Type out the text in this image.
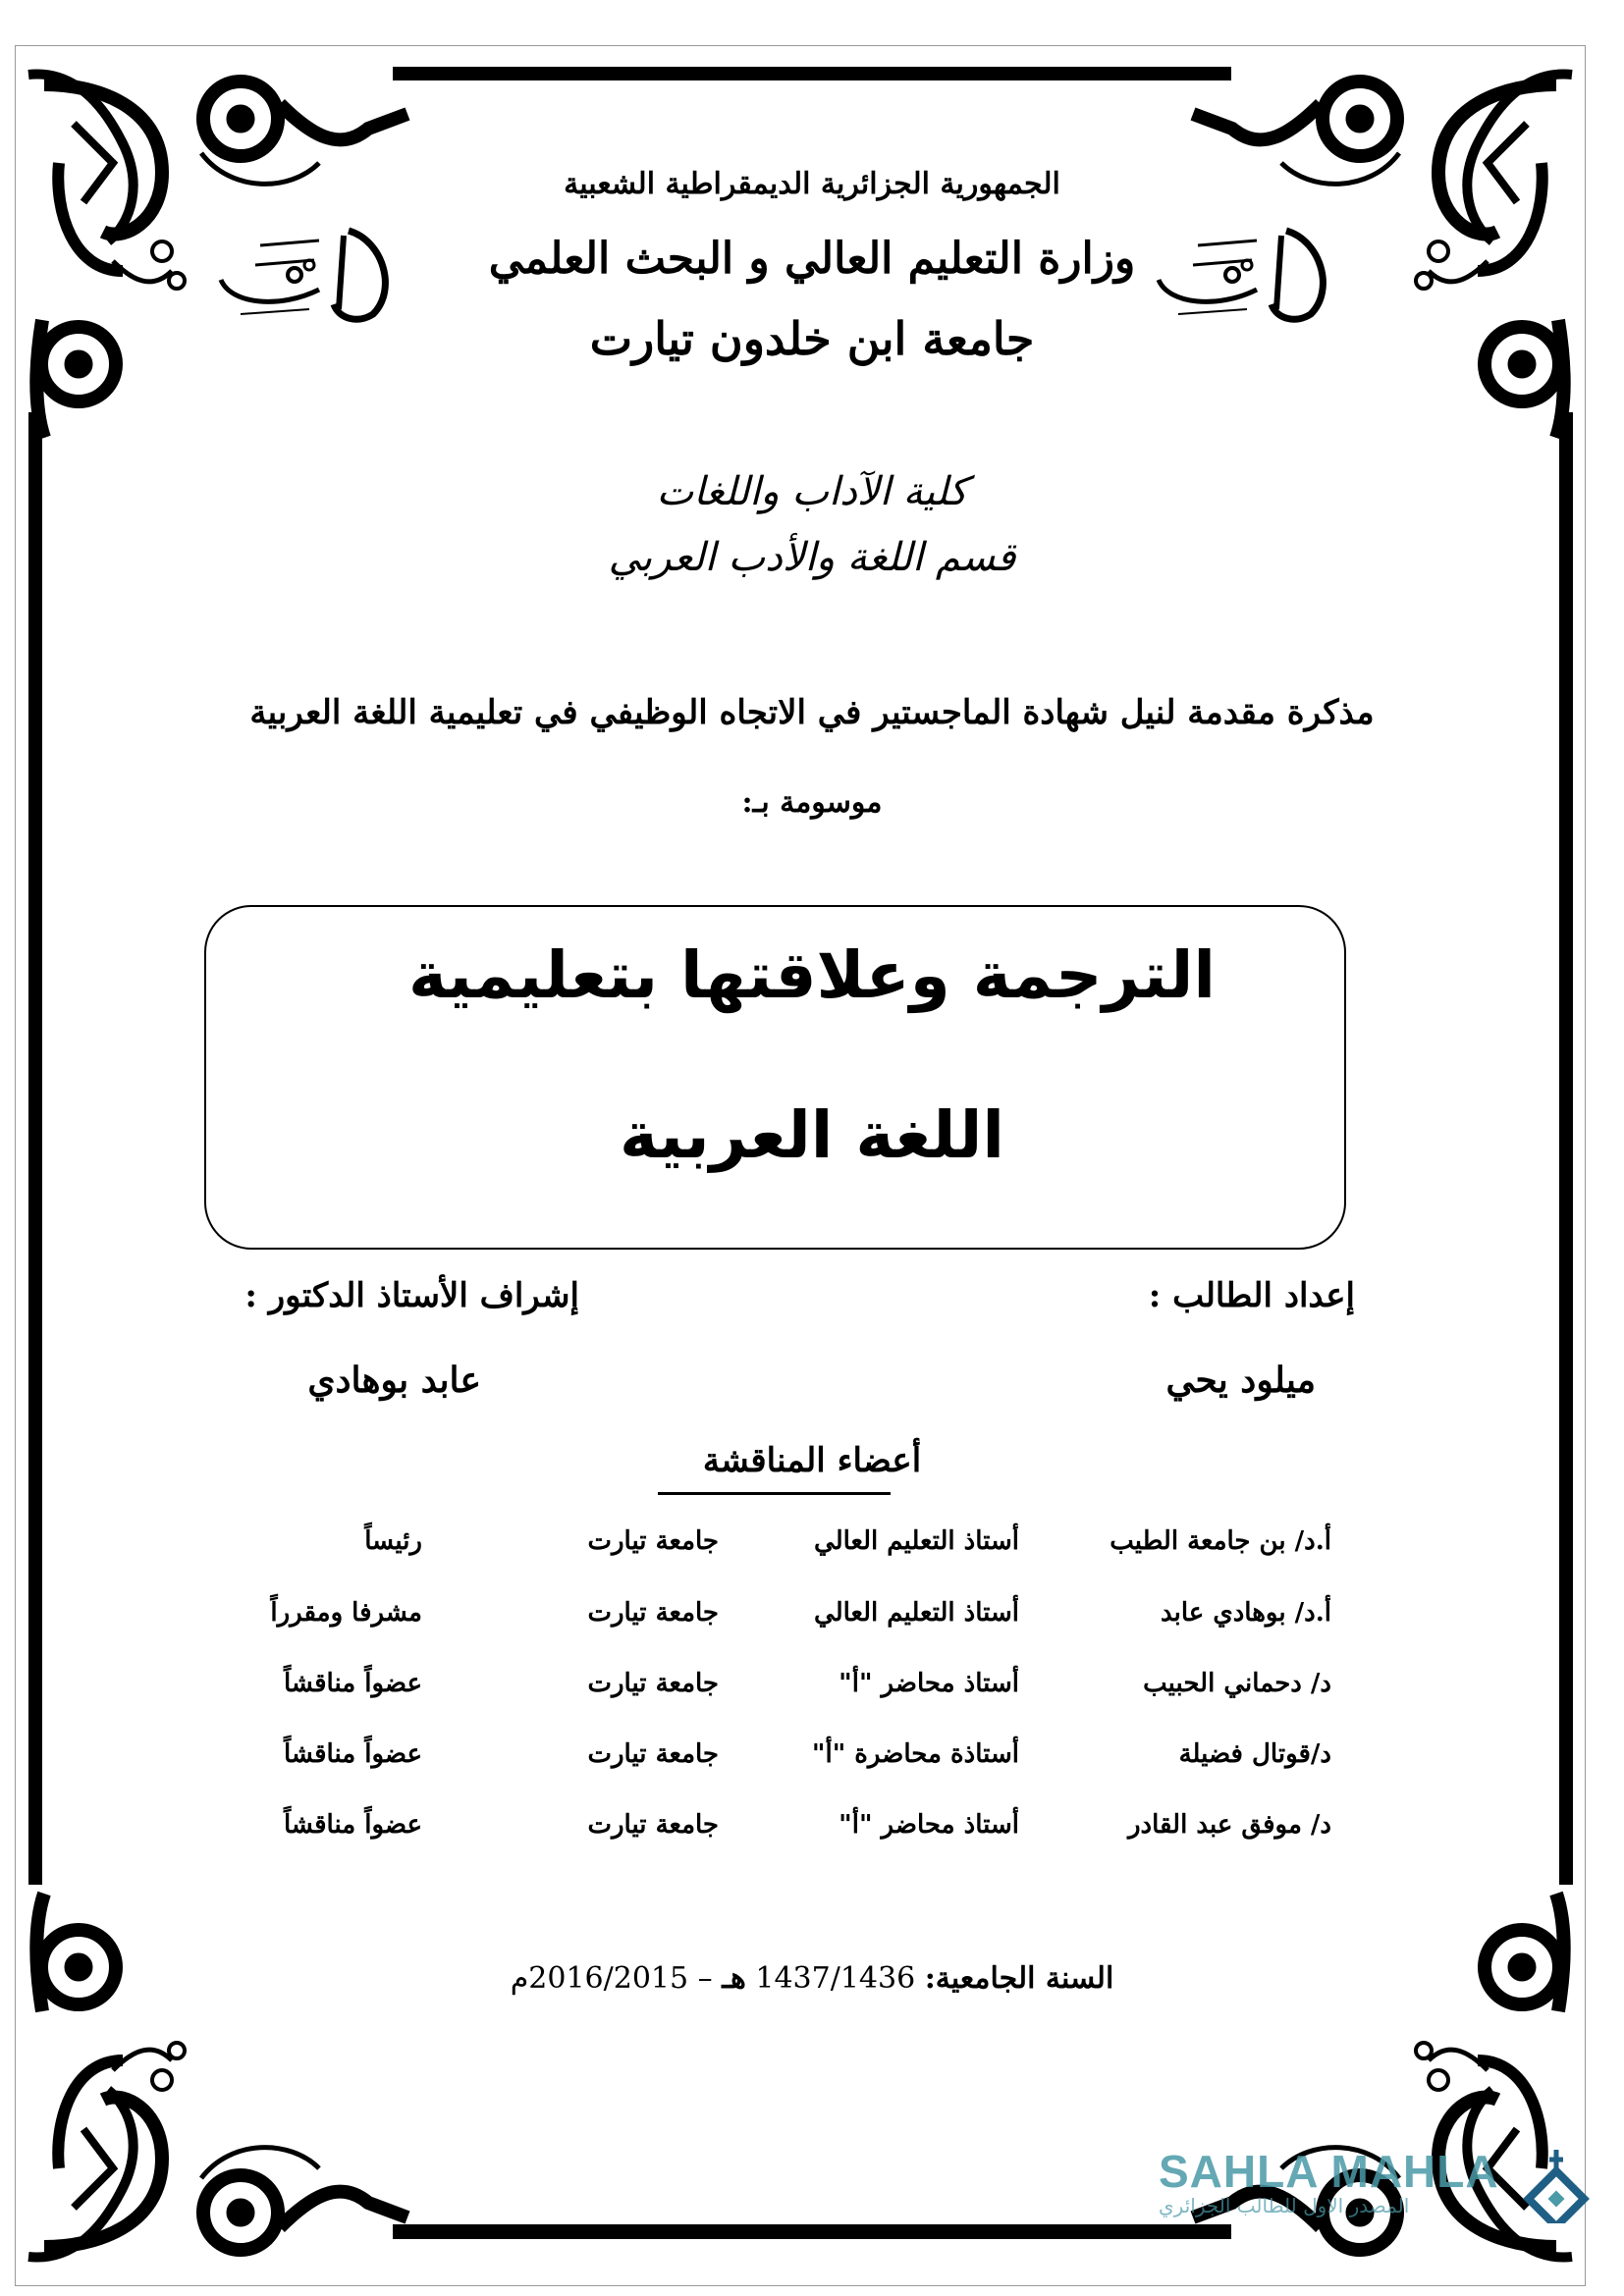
الجمهورية الجزائرية الديمقراطية الشعبية
وزارة التعليم العالي و البحث العلمي
جامعة ابن خلدون تيارت
كلية الآداب واللغات
قسم اللغة والأدب العربي
مذكرة مقدمة لنيل شهادة الماجستير في الاتجاه الوظيفي في تعليمية اللغة العربية
موسومة بـ:
الترجمة وعلاقتها بتعليمية
اللغة العربية
إعداد الطالب :
إشراف الأستاذ الدكتور :
ميلود يحي
عابد بوهادي
أعضاء المناقشة
أ.د/ بن جامعة الطيب
أستاذ التعليم العالي
جامعة تيارت
رئيساً
أ.د/ بوهادي عابد
أستاذ التعليم العالي
جامعة تيارت
مشرفا ومقرراً
د/ دحماني الحبيب
أستاذ محاضر "أ"
جامعة تيارت
عضواً مناقشاً
د/قوتال فضيلة
أستاذة محاضرة "أ"
جامعة تيارت
عضواً مناقشاً
د/ موفق عبد القادر
أستاذ محاضر "أ"
جامعة تيارت
عضواً مناقشاً
السنة الجامعية: 1437/1436 هـ – 2016/2015م
SAHLA MAHLA
المصدر الاول للطالب الجزائري
